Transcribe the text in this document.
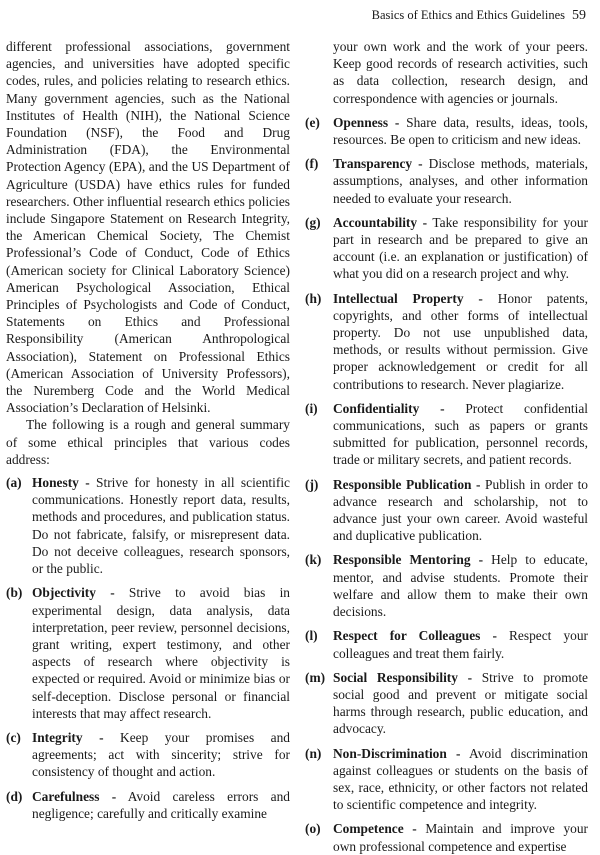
Basics of Ethics and Ethics Guidelines 59

different professional associations, government agencies, and universities have adopted specific codes, rules, and policies relating to research ethics. Many government agencies, such as the National Institutes of Health (NIH), the National Science Foundation (NSF), the Food and Drug Administration (FDA), the Environmental Protection Agency (EPA), and the US Department of Agriculture (USDA) have ethics rules for funded researchers. Other influential research ethics policies include Singapore Statement on Research Integrity, the American Chemical Society, The Chemist Professional’s Code of Conduct, Code of Ethics (American society for Clinical Laboratory Science) American Psychological Association, Ethical Principles of Psychologists and Code of Conduct, Statements on Ethics and Professional Responsibility (American Anthropological Association), Statement on Professional Ethics (American Association of University Professors), the Nuremberg Code and the World Medical Association’s Declaration of Helsinki.

The following is a rough and general summary of some ethical principles that various codes address:

(a) Honesty - Strive for honesty in all scientific communications. Honestly report data, results, methods and procedures, and publication status. Do not fabricate, falsify, or misrepresent data. Do not deceive colleagues, research sponsors, or the public.
(b) Objectivity - Strive to avoid bias in experimental design, data analysis, data interpretation, peer review, personnel decisions, grant writing, expert testimony, and other aspects of research where objectivity is expected or required. Avoid or minimize bias or self-deception. Disclose personal or financial interests that may affect research.
(c) Integrity - Keep your promises and agreements; act with sincerity; strive for consistency of thought and action.
(d) Carefulness - Avoid careless errors and negligence; carefully and critically examine
your own work and the work of your peers. Keep good records of research activities, such as data collection, research design, and correspondence with agencies or journals.
(e) Openness - Share data, results, ideas, tools, resources. Be open to criticism and new ideas.
(f) Transparency - Disclose methods, materials, assumptions, analyses, and other information needed to evaluate your research.
(g) Accountability - Take responsibility for your part in research and be prepared to give an account (i.e. an explanation or justification) of what you did on a research project and why.
(h) Intellectual Property - Honor patents, copyrights, and other forms of intellectual property. Do not use unpublished data, methods, or results without permission. Give proper acknowledgement or credit for all contributions to research. Never plagiarize.
(i) Confidentiality - Protect confidential communications, such as papers or grants submitted for publication, personnel records, trade or military secrets, and patient records.
(j) Responsible Publication - Publish in order to advance research and scholarship, not to advance just your own career. Avoid wasteful and duplicative publication.
(k) Responsible Mentoring - Help to educate, mentor, and advise students. Promote their welfare and allow them to make their own decisions.
(l) Respect for Colleagues - Respect your colleagues and treat them fairly.
(m) Social Responsibility - Strive to promote social good and prevent or mitigate social harms through research, public education, and advocacy.
(n) Non-Discrimination - Avoid discrimination against colleagues or students on the basis of sex, race, ethnicity, or other factors not related to scientific competence and integrity.
(o) Competence - Maintain and improve your own professional competence and expertise
